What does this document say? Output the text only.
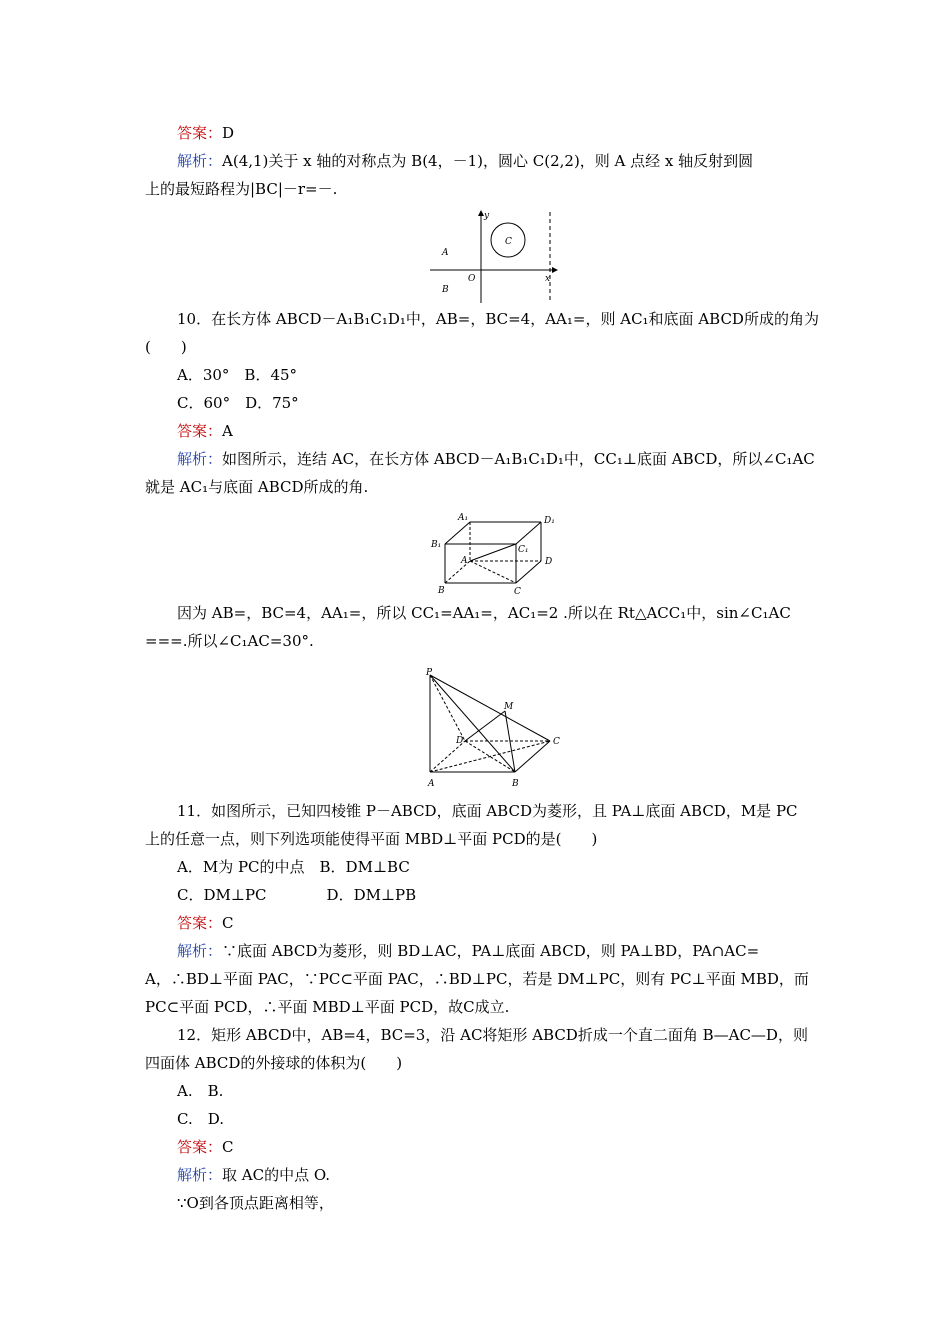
答案：D
解析：A(4,1)关于 x 轴的对称点为 B(4，－1)，圆心 C(2,2)，则 A 点经 x 轴反射到圆
上的最短路程为|BC|－r=－.
y
C
A
O
B
x
10．在长方体 ABCD－A₁B₁C₁D₁中，AB=，BC=4，AA₁=，则 AC₁和底面 ABCD所成的角为
(　　)
A．30°　B．45°
C．60°　D．75°
答案：A
解析：如图所示，连结 AC，在长方体 ABCD－A₁B₁C₁D₁中，CC₁⊥底面 ABCD，所以∠C₁AC
就是 AC₁与底面 ABCD所成的角.
A₁	D₁
B₁	C₁
A	D
B	C
因为 AB=，BC=4，AA₁=，所以 CC₁=AA₁=，AC₁=2 .所以在 Rt△ACC₁中，sin∠C₁AC
===.所以∠C₁AC=30°.
P
M
D	C
A	B
11．如图所示，已知四棱锥 P－ABCD，底面 ABCD为菱形，且 PA⊥底面 ABCD，M是 PC
上的任意一点，则下列选项能使得平面 MBD⊥平面 PCD的是(　　)
A．M为 PC的中点　B．DM⊥BC
C．DM⊥PC　　　　D．DM⊥PB
答案：C
解析：∵底面 ABCD为菱形，则 BD⊥AC，PA⊥底面 ABCD，则 PA⊥BD，PA∩AC=
A，∴BD⊥平面 PAC，∵PC⊂平面 PAC，∴BD⊥PC，若是 DM⊥PC，则有 PC⊥平面 MBD，而
PC⊂平面 PCD，∴平面 MBD⊥平面 PCD，故C成立.
12．矩形 ABCD中，AB=4，BC=3，沿 AC将矩形 ABCD折成一个直二面角 B—AC—D，则
四面体 ABCD的外接球的体积为(　　)
A.　B.
C.　D.
答案：C
解析：取 AC的中点 O.
∵O到各顶点距离相等，
